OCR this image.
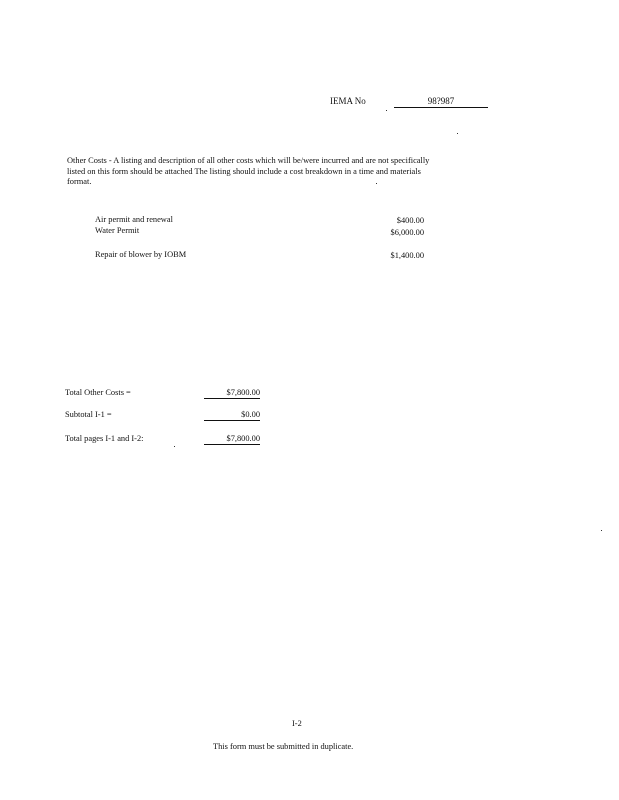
IEMA No	98?987
Other Costs - A listing and description of all other costs which will be/were incurred and are not specifically
listed on this form should be attached The listing should include a cost breakdown in a time and materials
format.
Air permit and renewal	$400.00
Water Permit	$6,000.00
Repair of blower by IOBM	$1,400.00
Total Other Costs =	$7,800.00
Subtotal I-1 =	$0.00
Total pages I-1 and I-2:	$7,800.00
I-2
This form must be submitted in duplicate.
